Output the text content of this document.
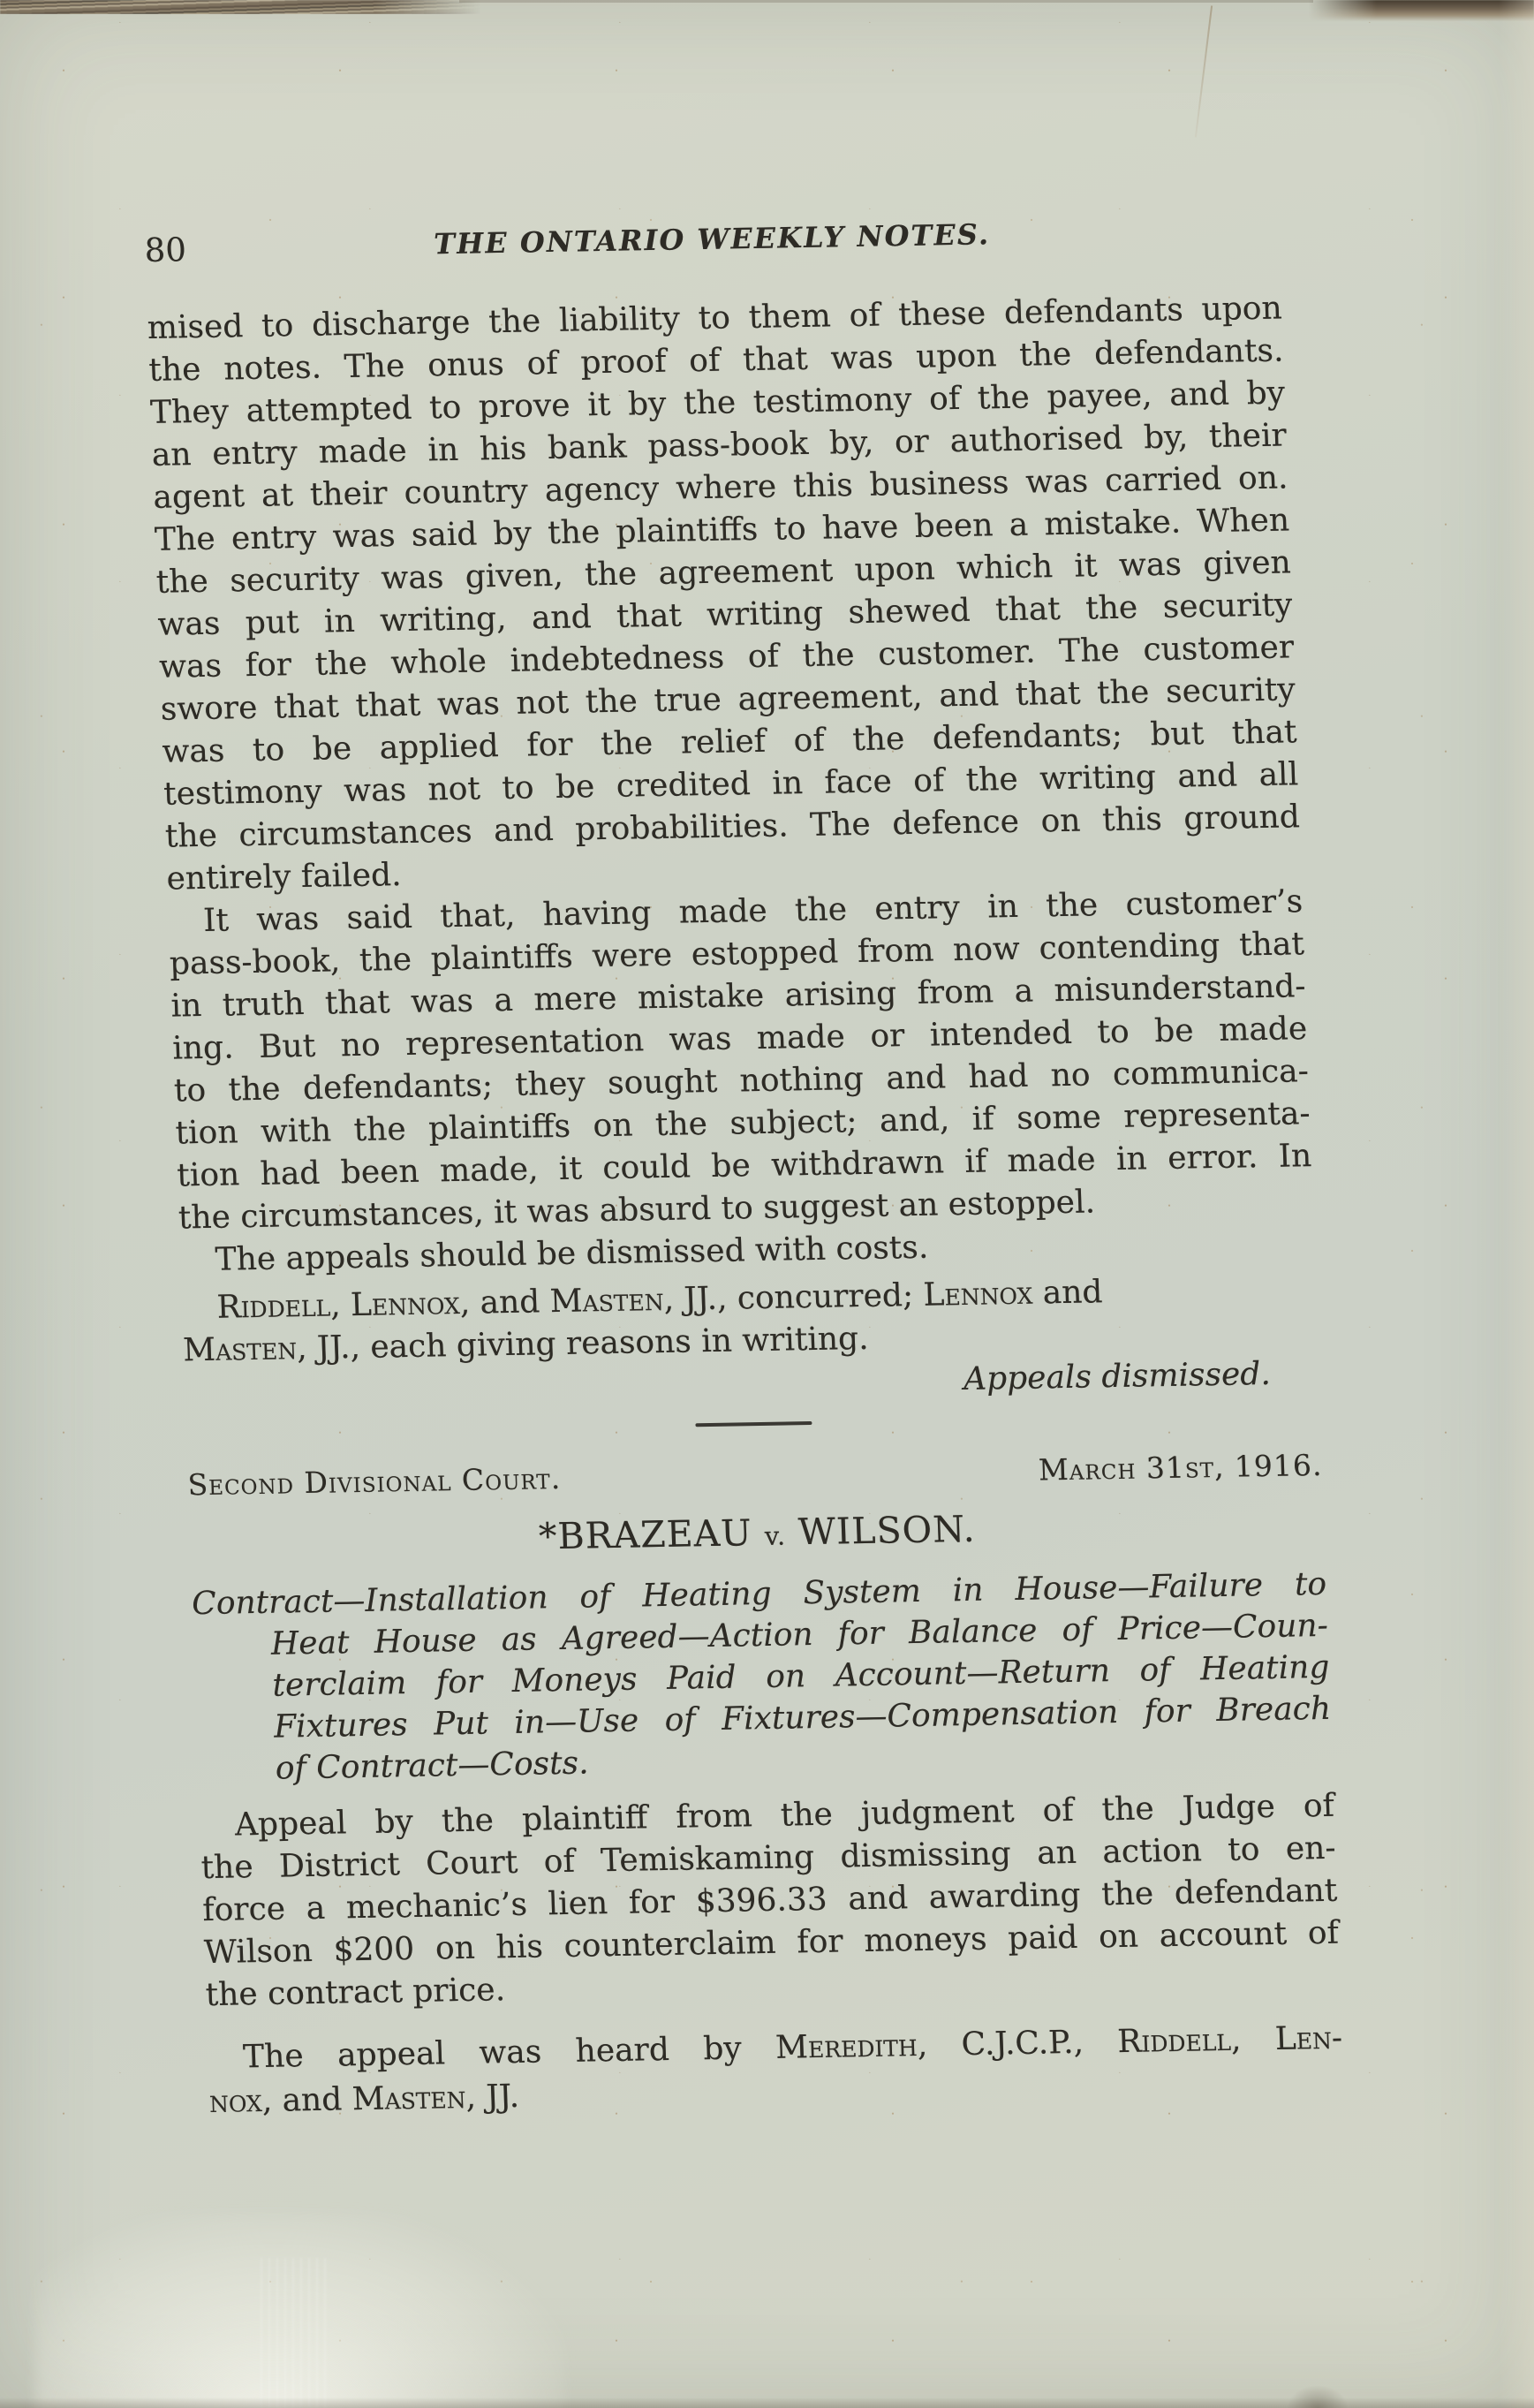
80	THE ONTARIO WEEKLY NOTES.
mised to discharge the liability to them of these defendants upon
the notes. The onus of proof of that was upon the defendants.
They attempted to prove it by the testimony of the payee, and by
an entry made in his bank pass-book by, or authorised by, their
agent at their country agency where this business was carried on.
The entry was said by the plaintiffs to have been a mistake. When
the security was given, the agreement upon which it was given
was put in writing, and that writing shewed that the security
was for the whole indebtedness of the customer. The customer
swore that that was not the true agreement, and that the security
was to be applied for the relief of the defendants; but that
testimony was not to be credited in face of the writing and all
the circumstances and probabilities. The defence on this ground
entirely failed.
It was said that, having made the entry in the customer’s
pass-book, the plaintiffs were estopped from now contending that
in truth that was a mere mistake arising from a misunderstand-
ing. But no representation was made or intended to be made
to the defendants; they sought nothing and had no communica-
tion with the plaintiffs on the subject; and, if some representa-
tion had been made, it could be withdrawn if made in error. In
the circumstances, it was absurd to suggest an estoppel.
The appeals should be dismissed with costs.
Riddell, Lennox, and Masten, JJ., concurred; Lennox and
Masten, JJ., each giving reasons in writing.
Appeals dismissed.
Second Divisional Court.	March 31st, 1916.
*BRAZEAU v. WILSON.
Contract—Installation of Heating System in House—Failure to
Heat House as Agreed—Action for Balance of Price—Coun-
terclaim for Moneys Paid on Account—Return of Heating
Fixtures Put in—Use of Fixtures—Compensation for Breach
of Contract—Costs.
Appeal by the plaintiff from the judgment of the Judge of
the District Court of Temiskaming dismissing an action to en-
force a mechanic’s lien for $396.33 and awarding the defendant
Wilson $200 on his counterclaim for moneys paid on account of
the contract price.
The appeal was heard by Meredith, C.J.C.P., Riddell, Len-
nox, and Masten, JJ.
